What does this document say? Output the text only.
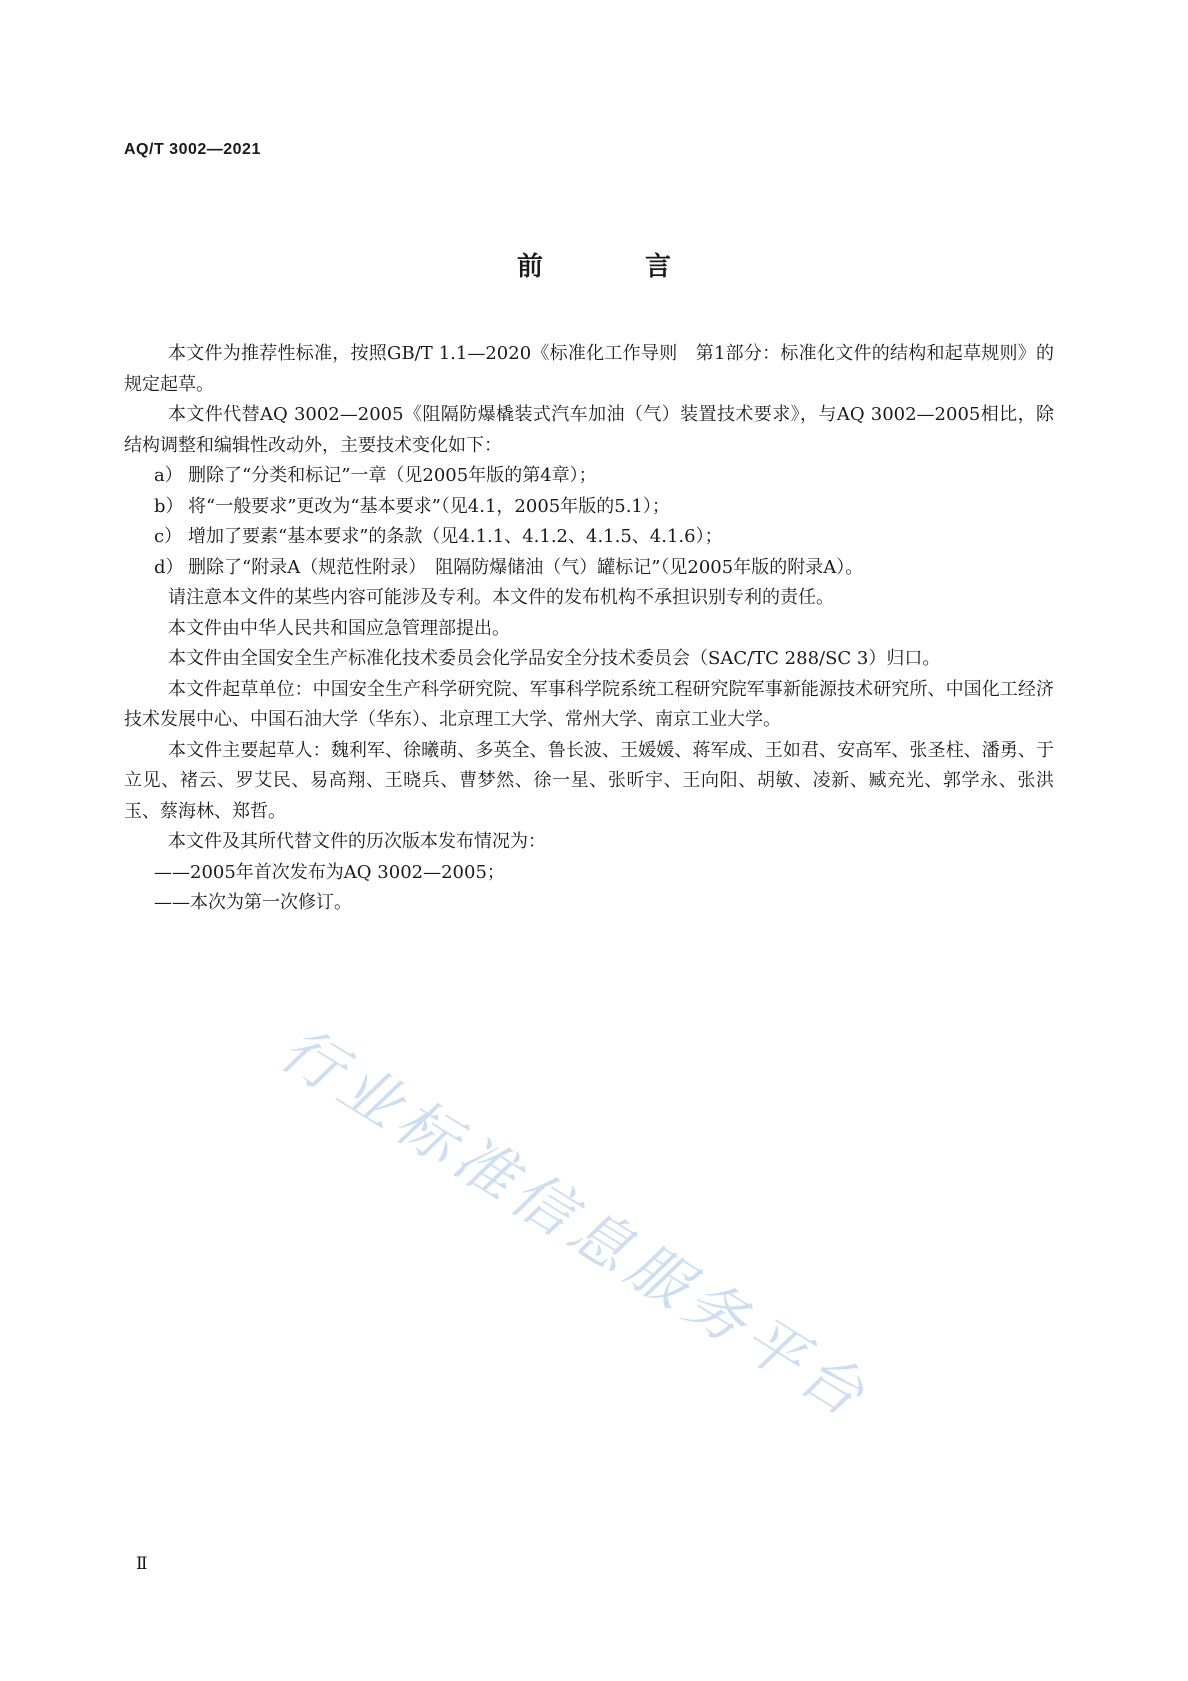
AQ/T 3002—2021
前　言

本文件为推荐性标准，按照GB/T 1.1—2020《标准化工作导则　第1部分：标准化文件的结构和起草规则》的规定起草。

本文件代替AQ 3002—2005《阻隔防爆橇装式汽车加油（气）装置技术要求》，与AQ 3002—2005相比，除结构调整和编辑性改动外，主要技术变化如下：

a） 删除了“分类和标记”一章（见2005年版的第4章）；

b） 将“一般要求”更改为“基本要求”（见4.1，2005年版的5.1）；

c） 增加了要素“基本要求”的条款（见4.1.1、4.1.2、4.1.5、4.1.6）；

d） 删除了“附录A（规范性附录）　阻隔防爆储油（气）罐标记”（见2005年版的附录A）。

请注意本文件的某些内容可能涉及专利。本文件的发布机构不承担识别专利的责任。

本文件由中华人民共和国应急管理部提出。

本文件由全国安全生产标准化技术委员会化学品安全分技术委员会（SAC/TC 288/SC 3）归口。

本文件起草单位：中国安全生产科学研究院、军事科学院系统工程研究院军事新能源技术研究所、中国化工经济技术发展中心、中国石油大学（华东）、北京理工大学、常州大学、南京工业大学。

本文件主要起草人：魏利军、徐曦萌、多英全、鲁长波、王媛媛、蒋军成、王如君、安高军、张圣柱、潘勇、于立见、褚云、罗艾民、易高翔、王晓兵、曹梦然、徐一星、张昕宇、王向阳、胡敏、凌新、臧充光、郭学永、张洪玉、蔡海林、郑哲。

本文件及其所代替文件的历次版本发布情况为：

——2005年首次发布为AQ 3002—2005；

——本次为第一次修订。

行业标准信息服务平台
Ⅱ
